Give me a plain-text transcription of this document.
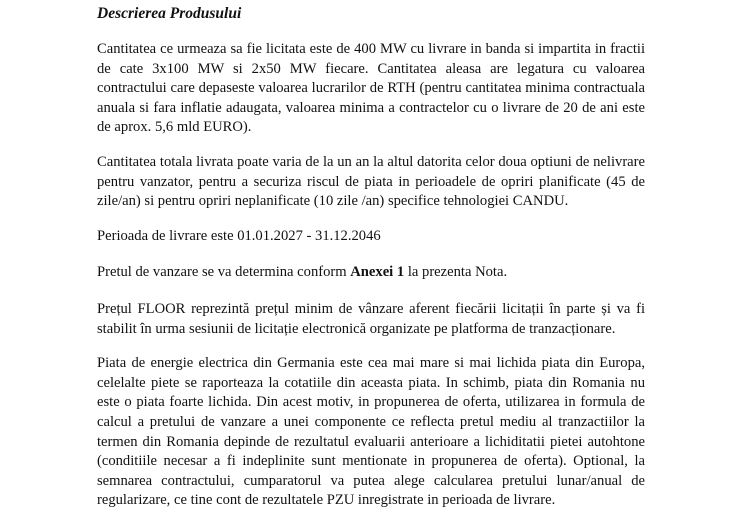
Descrierea Produsului

Cantitatea ce urmeaza sa fie licitata este de 400 MW cu livrare in banda si impartita in fractii de cate 3x100 MW si 2x50 MW fiecare. Cantitatea aleasa are legatura cu valoarea contractului care depaseste valoarea lucrarilor de RTH (pentru cantitatea minima contractuala anuala si fara inflatie adaugata, valoarea minima a contractelor cu o livrare de 20 de ani este de aprox. 5,6 mld EURO).

Cantitatea totala livrata poate varia de la un an la altul datorita celor doua optiuni de nelivrare pentru vanzator, pentru a securiza riscul de piata in perioadele de opriri planificate (45 de zile/an) si pentru opriri neplanificate (10 zile /an) specifice tehnologiei CANDU.

Perioada de livrare este 01.01.2027 - 31.12.2046

Pretul de vanzare se va determina conform Anexei 1 la prezenta Nota.

Prețul FLOOR reprezintă prețul minim de vânzare aferent fiecării licitații în parte și va fi stabilit în urma sesiunii de licitație electronică organizate pe platforma de tranzacționare.

Piata de energie electrica din Germania este cea mai mare si mai lichida piata din Europa, celelalte piete se raporteaza la cotatiile din aceasta piata. In schimb, piata din Romania nu este o piata foarte lichida. Din acest motiv, in propunerea de oferta, utilizarea in formula de calcul a pretului de vanzare a unei componente ce reflecta pretul mediu al tranzactiilor la termen din Romania depinde de rezultatul evaluarii anterioare a lichiditatii pietei autohtone (conditiile necesar a fi indeplinite sunt mentionate in propunerea de oferta). Optional, la semnarea contractului, cumparatorul va putea alege calcularea pretului lunar/anual de regularizare, ce tine cont de rezultatele PZU inregistrate in perioada de livrare.
